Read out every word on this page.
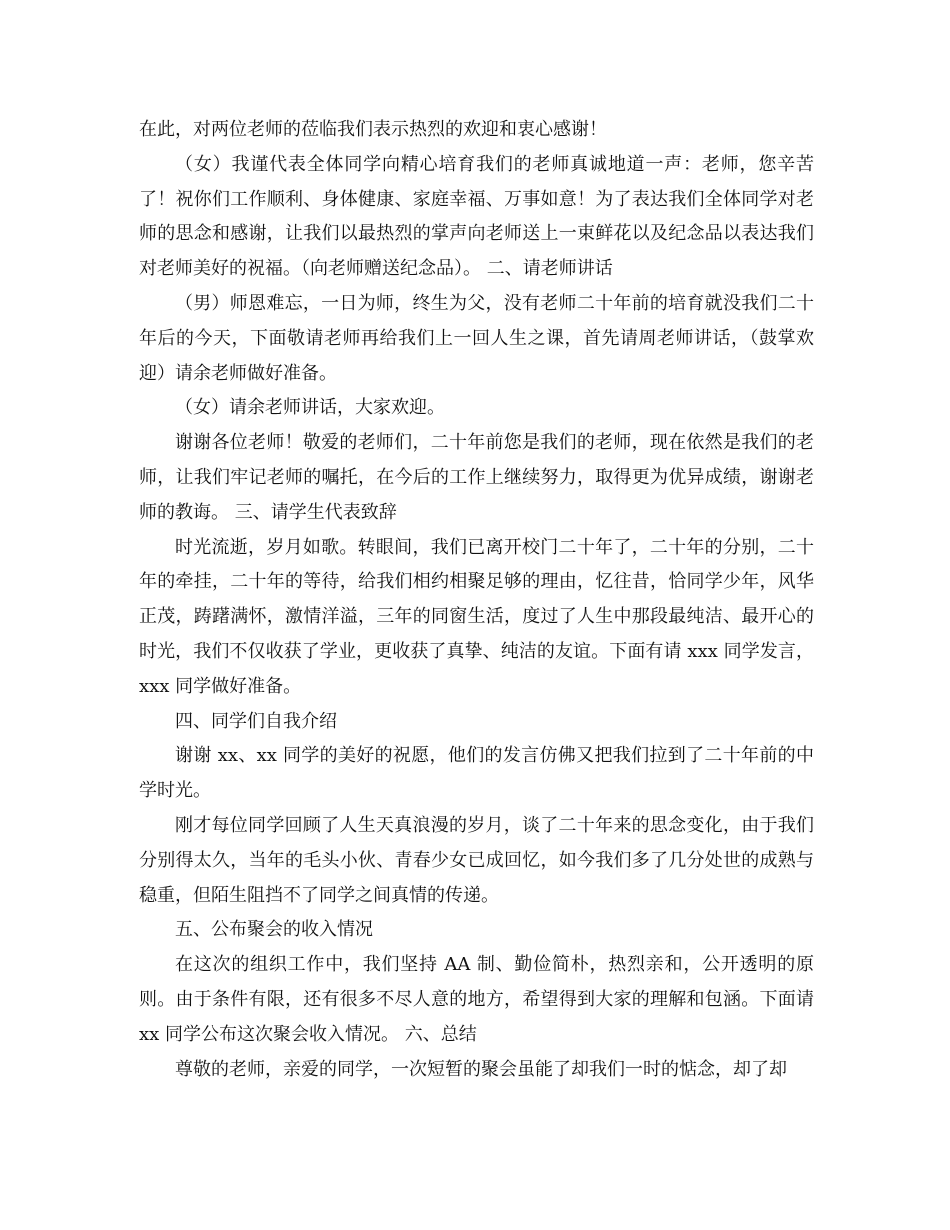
在此，对两位老师的莅临我们表示热烈的欢迎和衷心感谢！

（女）我谨代表全体同学向精心培育我们的老师真诚地道一声：老师，您辛苦了！祝你们工作顺利、身体健康、家庭幸福、万事如意！为了表达我们全体同学对老师的思念和感谢，让我们以最热烈的掌声向老师送上一束鲜花以及纪念品以表达我们对老师美好的祝福。（向老师赠送纪念品）。 二、请老师讲话

（男）师恩难忘，一日为师，终生为父，没有老师二十年前的培育就没我们二十年后的今天，下面敬请老师再给我们上一回人生之课，首先请周老师讲话，（鼓掌欢迎）请余老师做好准备。

（女）请余老师讲话，大家欢迎。

谢谢各位老师！敬爱的老师们，二十年前您是我们的老师，现在依然是我们的老师，让我们牢记老师的嘱托，在今后的工作上继续努力，取得更为优异成绩，谢谢老师的教诲。 三、请学生代表致辞

时光流逝，岁月如歌。转眼间，我们已离开校门二十年了，二十年的分别，二十年的牵挂，二十年的等待，给我们相约相聚足够的理由，忆往昔，恰同学少年，风华正茂，踌躇满怀，激情洋溢，三年的同窗生活，度过了人生中那段最纯洁、最开心的时光，我们不仅收获了学业，更收获了真挚、纯洁的友谊。下面有请 xxx 同学发言，xxx 同学做好准备。

四、同学们自我介绍

谢谢 xx、xx 同学的美好的祝愿，他们的发言仿佛又把我们拉到了二十年前的中学时光。

刚才每位同学回顾了人生天真浪漫的岁月，谈了二十年来的思念变化，由于我们分别得太久，当年的毛头小伙、青春少女已成回忆，如今我们多了几分处世的成熟与稳重，但陌生阻挡不了同学之间真情的传递。

五、公布聚会的收入情况

在这次的组织工作中，我们坚持 AA 制、勤俭简朴，热烈亲和，公开透明的原则。由于条件有限，还有很多不尽人意的地方，希望得到大家的理解和包涵。下面请 xx 同学公布这次聚会收入情况。 六、总结

尊敬的老师，亲爱的同学，一次短暂的聚会虽能了却我们一时的惦念，却了却
